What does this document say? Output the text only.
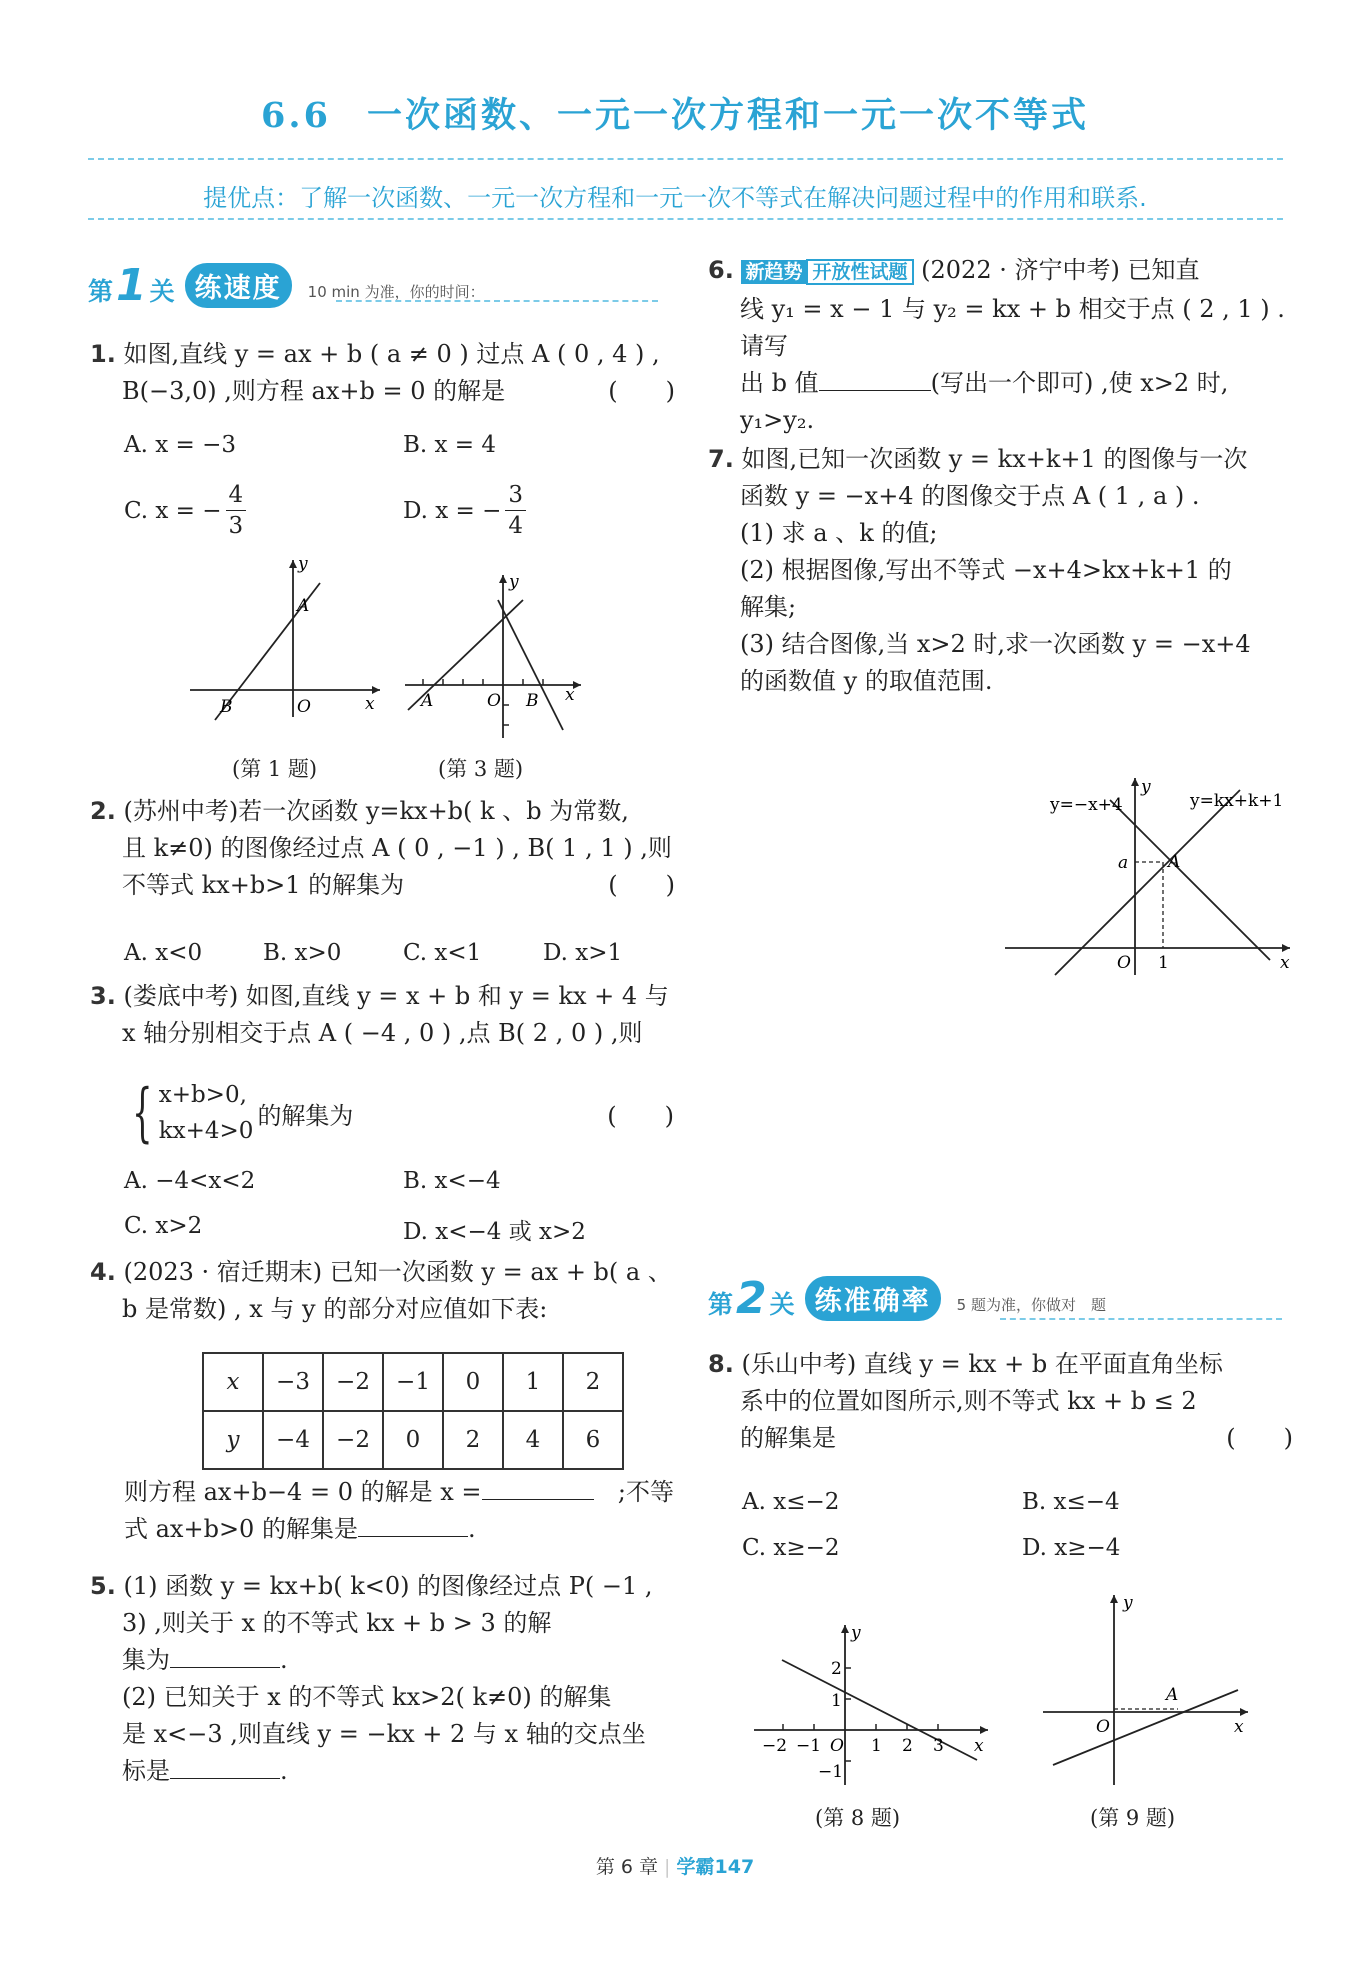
6.6 一次函数、一元一次方程和一元一次不等式
提优点：了解一次函数、一元一次方程和一元一次不等式在解决问题过程中的作用和联系.
第 1 关 练速度	10 min 为准，你的时间：
1. 如图,直线 y = ax + b ( a ≠ 0 ) 过点 A ( 0 , 4 ) ,
B(−3,0) ,则方程 ax+b = 0 的解是	(　　)
A. x = −3	B. x = 4
C. x = − $\frac{4}{3}$	D. x = − $\frac{3}{4}$
y
x
A
B	O
(第 1 题)
y
x
A	B
O
(第 3 题)
2. (苏州中考)若一次函数 y=kx+b( k 、b 为常数,
且 k≠0) 的图像经过点 A ( 0 , −1 ) , B( 1 , 1 ) ,则
不等式 kx+b>1 的解集为	(　　)
A. x<0	B. x>0	C. x<1	D. x>1
3. (娄底中考) 如图,直线 y = x + b 和 y = kx + 4 与
x 轴分别相交于点 A ( −4 , 0 ) ,点 B( 2 , 0 ) ,则
{ x+b>0,
kx+4>0
的解集为	(　　)
A. −4<x<2	B. x<−4
C. x>2	D. x<−4 或 x>2
4. (2023 · 宿迁期末) 已知一次函数 y = ax + b( a 、
b 是常数) , x 与 y 的部分对应值如下表:
x	−3	−2	−1	0	1	2
y	−4	−2	0	2	4	6
则方程 ax+b−4 = 0 的解是 x =	;不等
式 ax+b>0 的解集是	.
5. (1) 函数 y = kx+b( k<0) 的图像经过点 P( −1 ,
3) ,则关于 x 的不等式 kx + b > 3 的解
集为	.
(2) 已知关于 x 的不等式 kx>2( k≠0) 的解集
是 x<−3 ,则直线 y = −kx + 2 与 x 轴的交点坐
标是	.
6. 新趋势 开放性试题 (2022 · 济宁中考) 已知直
线 y₁ = x − 1 与 y₂ = kx + b 相交于点 ( 2 , 1 ) . 请写
出 b 值	(写出一个即可) ,使 x>2 时,
y₁>y₂.
7. 如图,已知一次函数 y = kx+k+1 的图像与一次
函数 y = −x+4 的图像交于点 A ( 1 , a ) .
(1) 求 a 、k 的值;
(2) 根据图像,写出不等式 −x+4>kx+k+1 的
解集;
(3) 结合图像,当 x>2 时,求一次函数 y = −x+4
的函数值 y 的取值范围.
y=−x+4	y=kx+k+1
y
x
a A
O 1
第 2 关 练准确率	5 题为准，你做对　题
8. (乐山中考) 直线 y = kx + b 在平面直角坐标
系中的位置如图所示,则不等式 kx + b ≤ 2
的解集是	(　　)
A. x≤−2	B. x≤−4
C. x≥−2	D. x≥−4
y
x
2
1
−1
−2 −1 O 1 2 3
(第 8 题)
y
x
A
O
(第 9 题)
第 6 章 | 学霸147
